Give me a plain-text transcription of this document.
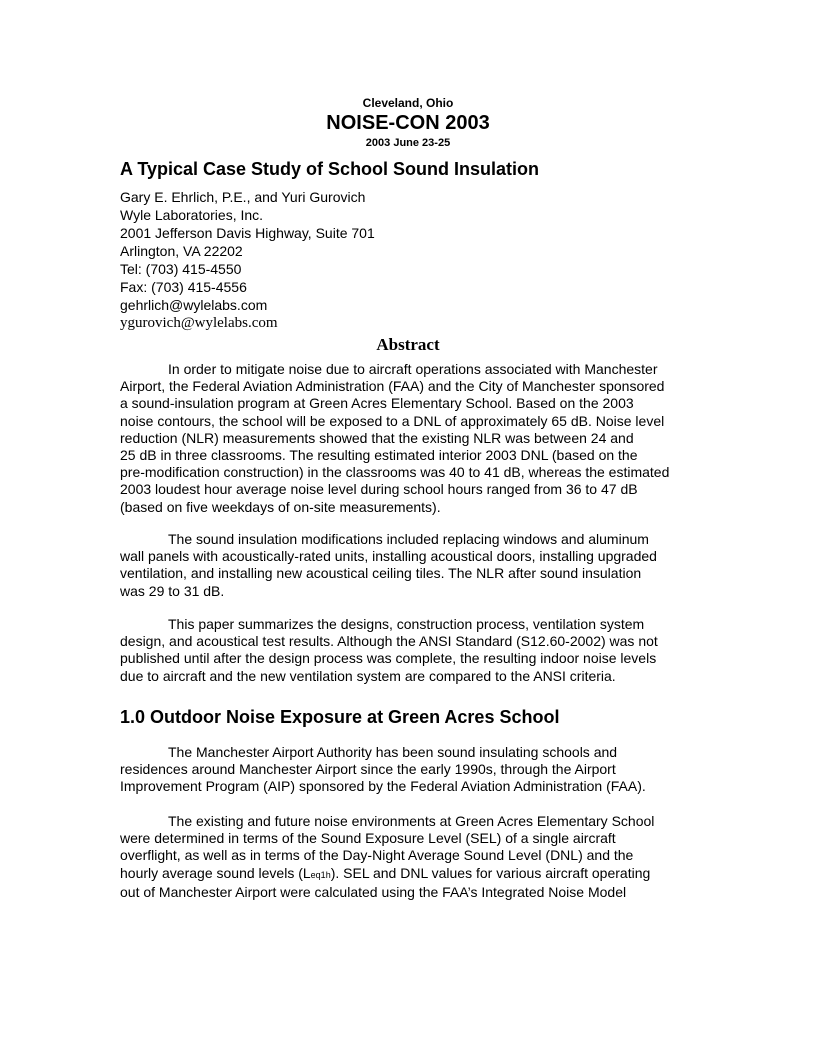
Cleveland, Ohio
NOISE-CON 2003
2003 June 23-25
A Typical Case Study of School Sound Insulation
Gary E. Ehrlich, P.E., and Yuri Gurovich
Wyle Laboratories, Inc.
2001 Jefferson Davis Highway, Suite 701
Arlington, VA 22202
Tel: (703) 415-4550
Fax: (703) 415-4556
gehrlich@wylelabs.com
ygurovich@wylelabs.com
Abstract
In order to mitigate noise due to aircraft operations associated with Manchester
Airport, the Federal Aviation Administration (FAA) and the City of Manchester sponsored
a sound-insulation program at Green Acres Elementary School. Based on the 2003
noise contours, the school will be exposed to a DNL of approximately 65 dB. Noise level
reduction (NLR) measurements showed that the existing NLR was between 24 and
25 dB in three classrooms. The resulting estimated interior 2003 DNL (based on the
pre-modification construction) in the classrooms was 40 to 41 dB, whereas the estimated
2003 loudest hour average noise level during school hours ranged from 36 to 47 dB
(based on five weekdays of on-site measurements).
The sound insulation modifications included replacing windows and aluminum
wall panels with acoustically-rated units, installing acoustical doors, installing upgraded
ventilation, and installing new acoustical ceiling tiles. The NLR after sound insulation
was 29 to 31 dB.
This paper summarizes the designs, construction process, ventilation system
design, and acoustical test results. Although the ANSI Standard (S12.60-2002) was not
published until after the design process was complete, the resulting indoor noise levels
due to aircraft and the new ventilation system are compared to the ANSI criteria.
1.0 Outdoor Noise Exposure at Green Acres School
The Manchester Airport Authority has been sound insulating schools and
residences around Manchester Airport since the early 1990s, through the Airport
Improvement Program (AIP) sponsored by the Federal Aviation Administration (FAA).
The existing and future noise environments at Green Acres Elementary School
were determined in terms of the Sound Exposure Level (SEL) of a single aircraft
overflight, as well as in terms of the Day-Night Average Sound Level (DNL) and the
hourly average sound levels (Leq1h). SEL and DNL values for various aircraft operating
out of Manchester Airport were calculated using the FAA’s Integrated Noise Model
